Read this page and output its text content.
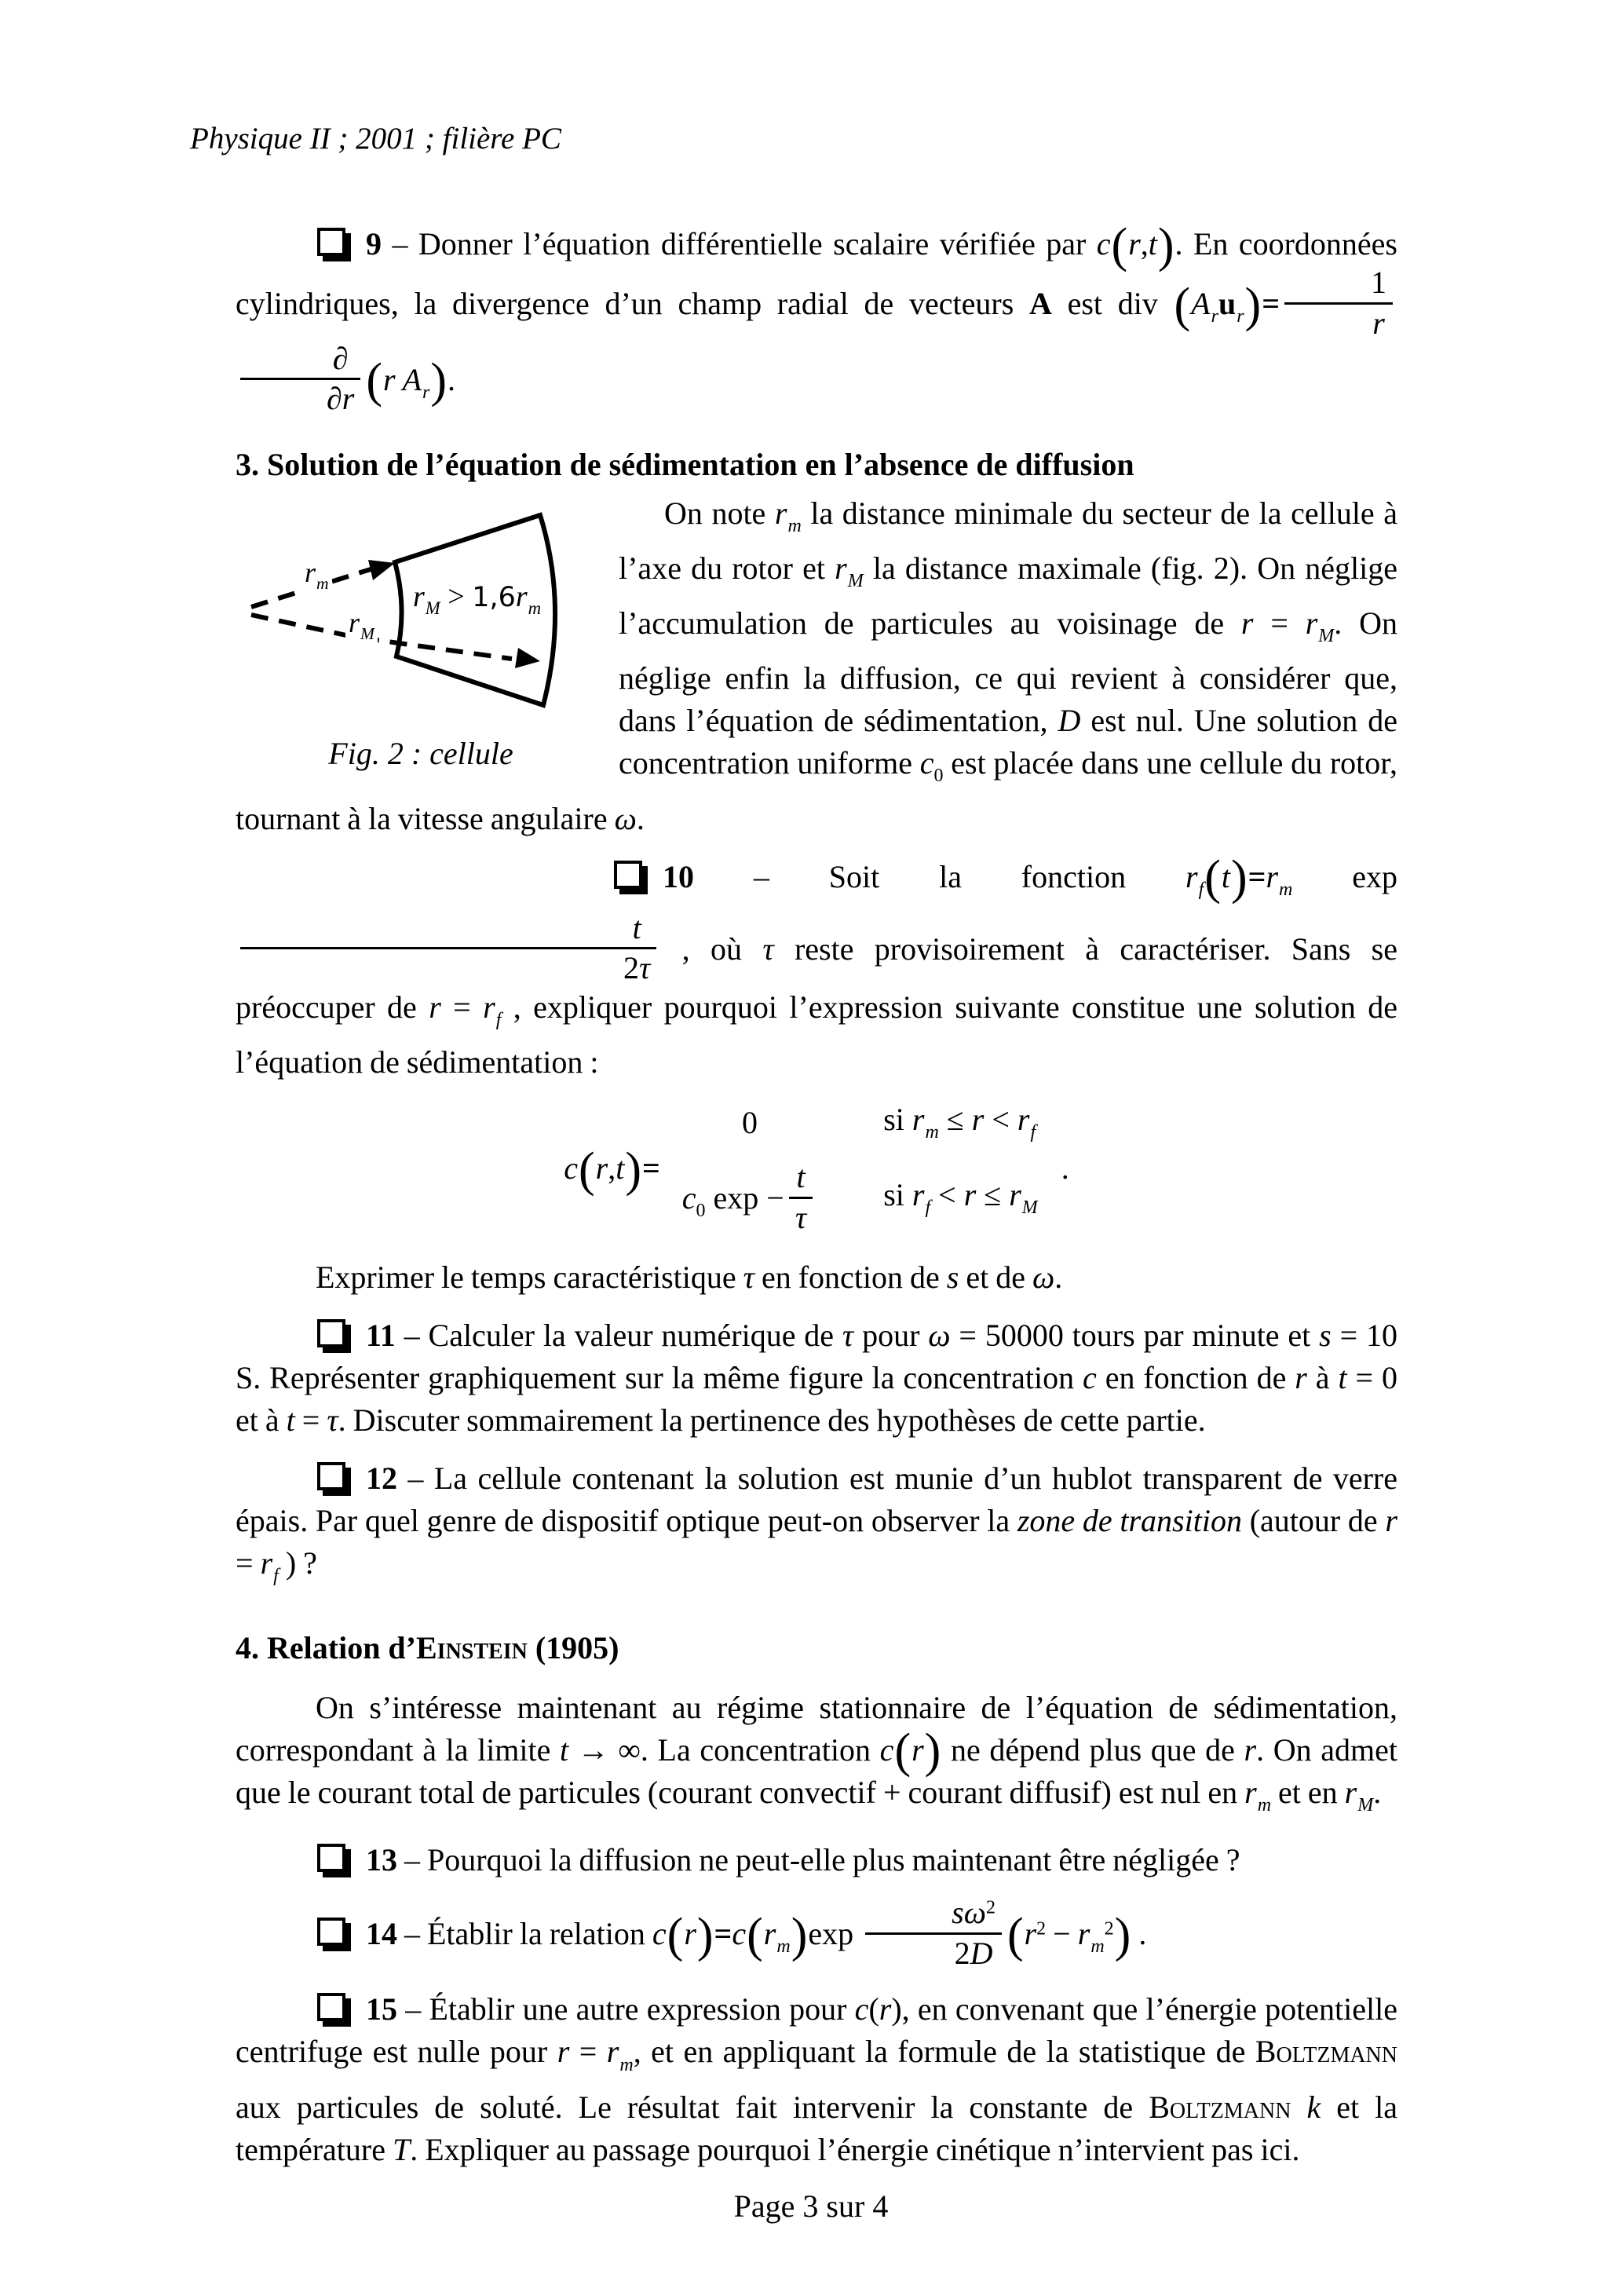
Physique II ; 2001 ; filière PC

9 – Donner l’équation différentielle scalaire vérifiée par c(r,t). En coordonnées cylindriques, la divergence d’un champ radial de vecteurs A est div $(A_ru_r)= \frac{1}{r}$
$\frac{\partial}{\partial r} (r$ $A_r$).

3. Solution de l’équation de sédimentation en l’absence de diffusion
$r_m$
$r_M$
$r_M > 1,6r_m$
Fig. 2 : cellule

On note $r_m$ la distance minimale du secteur de la cellule à l’axe du rotor et $r_M$ la distance maximale (fig. 2). On néglige l’accumulation de particules au voisinage de $r = r_M$. On néglige enfin la diffusion, ce qui revient à considérer que, dans l’équation de sédimentation, D est nul. Une solution de concentration uniforme $c_0$ est placée dans une cellule du rotor, tournant à la vitesse angulaire ω.

10 – Soit la fonction $r_f(t)=r_m$ exp
$\frac{t}{2\tau}$ , où τ reste provisoirement à caractériser. Sans se préoccuper de $r = r_f$ , expliquer pourquoi l’expression suivante constitue une solution de l’équation de sédimentation :

c(r,t)=
0	si $r_m \le r < r_f$
$c_0$ $\exp - \frac{t}{\tau}$ si $r_f < r \le r_M$
.

Exprimer le temps caractéristique τ en fonction de s et de ω.

11 – Calculer la valeur numérique de τ pour ω = 50000 tours par minute et s = 10 S. Représenter graphiquement sur la même figure la concentration c en fonction de r à t = 0 et à t = τ. Discuter sommairement la pertinence des hypothèses de cette partie.

12 – La cellule contenant la solution est munie d’un hublot transparent de verre épais. Par quel genre de dispositif optique peut-on observer la zone de transition (autour de $r = r_f$ ) ?

4. Relation d’Einstein (1905)

On s’intéresse maintenant au régime stationnaire de l’équation de sédimentation, correspondant à la limite t → ∞. La concentration c(r) ne dépend plus que de r. On admet que le courant total de particules (courant convectif + courant diffusif) est nul en $r_m$ et en $r_M$.

13 – Pourquoi la diffusion ne peut-elle plus maintenant être négligée ?

14 – Établir la relation $c(r)=c(r_m)\exp \frac{s\omega^2}{2D} (r^2 - r_m^2)$ .

15 – Établir une autre expression pour c(r), en convenant que l’énergie potentielle centrifuge est nulle pour $r = r_m$, et en appliquant la formule de la statistique de Boltzmann aux particules de soluté. Le résultat fait intervenir la constante de Boltzmann k et la température T. Expliquer au passage pourquoi l’énergie cinétique n’intervient pas ici.

Page 3 sur 4
